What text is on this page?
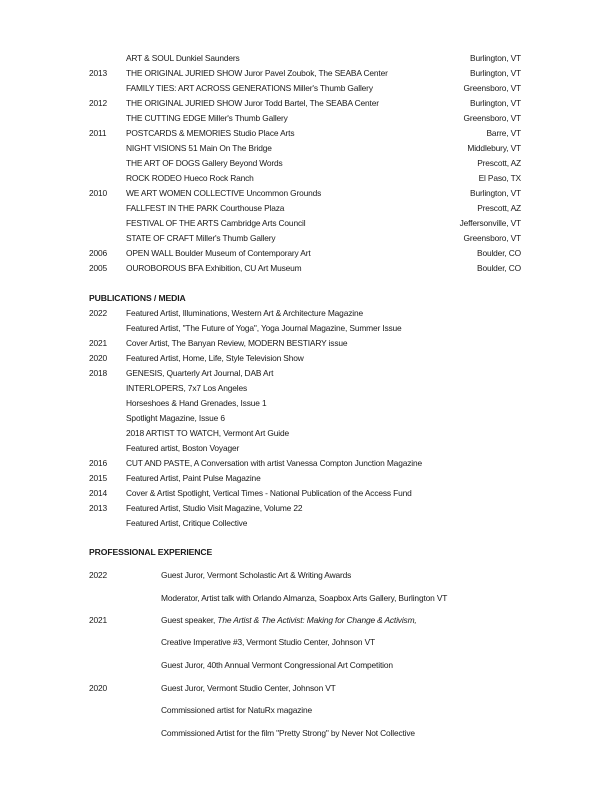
ART & SOUL Dunkiel Saunders	Burlington, VT
2013 THE ORIGINAL JURIED SHOW Juror Pavel Zoubok, The SEABA Center	Burlington, VT
FAMILY TIES: ART ACROSS GENERATIONS Miller's Thumb Gallery	Greensboro, VT
2012 THE ORIGINAL JURIED SHOW Juror Todd Bartel, The SEABA Center	Burlington, VT
THE CUTTING EDGE Miller's Thumb Gallery	Greensboro, VT
2011 POSTCARDS & MEMORIES Studio Place Arts	Barre, VT
NIGHT VISIONS 51 Main On The Bridge	Middlebury, VT
THE ART OF DOGS Gallery Beyond Words	Prescott, AZ
ROCK RODEO Hueco Rock Ranch	El Paso, TX
2010 WE ART WOMEN COLLECTIVE Uncommon Grounds	Burlington, VT
FALLFEST IN THE PARK Courthouse Plaza	Prescott, AZ
FESTIVAL OF THE ARTS Cambridge Arts Council	Jeffersonville, VT
STATE OF CRAFT Miller's Thumb Gallery	Greensboro, VT
2006 OPEN WALL Boulder Museum of Contemporary Art	Boulder, CO
2005 OUROBOROUS BFA Exhibition, CU Art Museum	Boulder, CO
PUBLICATIONS / MEDIA
2022 Featured Artist, Illuminations, Western Art & Architecture Magazine
Featured Artist, "The Future of Yoga", Yoga Journal Magazine, Summer Issue
2021 Cover Artist, The Banyan Review, MODERN BESTIARY issue
2020 Featured Artist, Home, Life, Style Television Show
2018 GENESIS, Quarterly Art Journal, DAB Art
INTERLOPERS, 7x7 Los Angeles
Horseshoes & Hand Grenades, Issue 1
Spotlight Magazine, Issue 6
2018 ARTIST TO WATCH, Vermont Art Guide
Featured artist, Boston Voyager
2016 CUT AND PASTE, A Conversation with artist Vanessa Compton Junction Magazine
2015 Featured Artist, Paint Pulse Magazine
2014 Cover & Artist Spotlight, Vertical Times - National Publication of the Access Fund
2013 Featured Artist, Studio Visit Magazine, Volume 22
Featured Artist, Critique Collective
PROFESSIONAL EXPERIENCE
2022	Guest Juror, Vermont Scholastic Art & Writing Awards
Moderator, Artist talk with Orlando Almanza, Soapbox Arts Gallery, Burlington VT
2021	Guest speaker, The Artist & The Activist: Making for Change & Activism,
Creative Imperative #3, Vermont Studio Center, Johnson VT
Guest Juror, 40th Annual Vermont Congressional Art Competition
2020	Guest Juror, Vermont Studio Center, Johnson VT
Commissioned artist for NatuRx magazine
Commissioned Artist for the film "Pretty Strong" by Never Not Collective
